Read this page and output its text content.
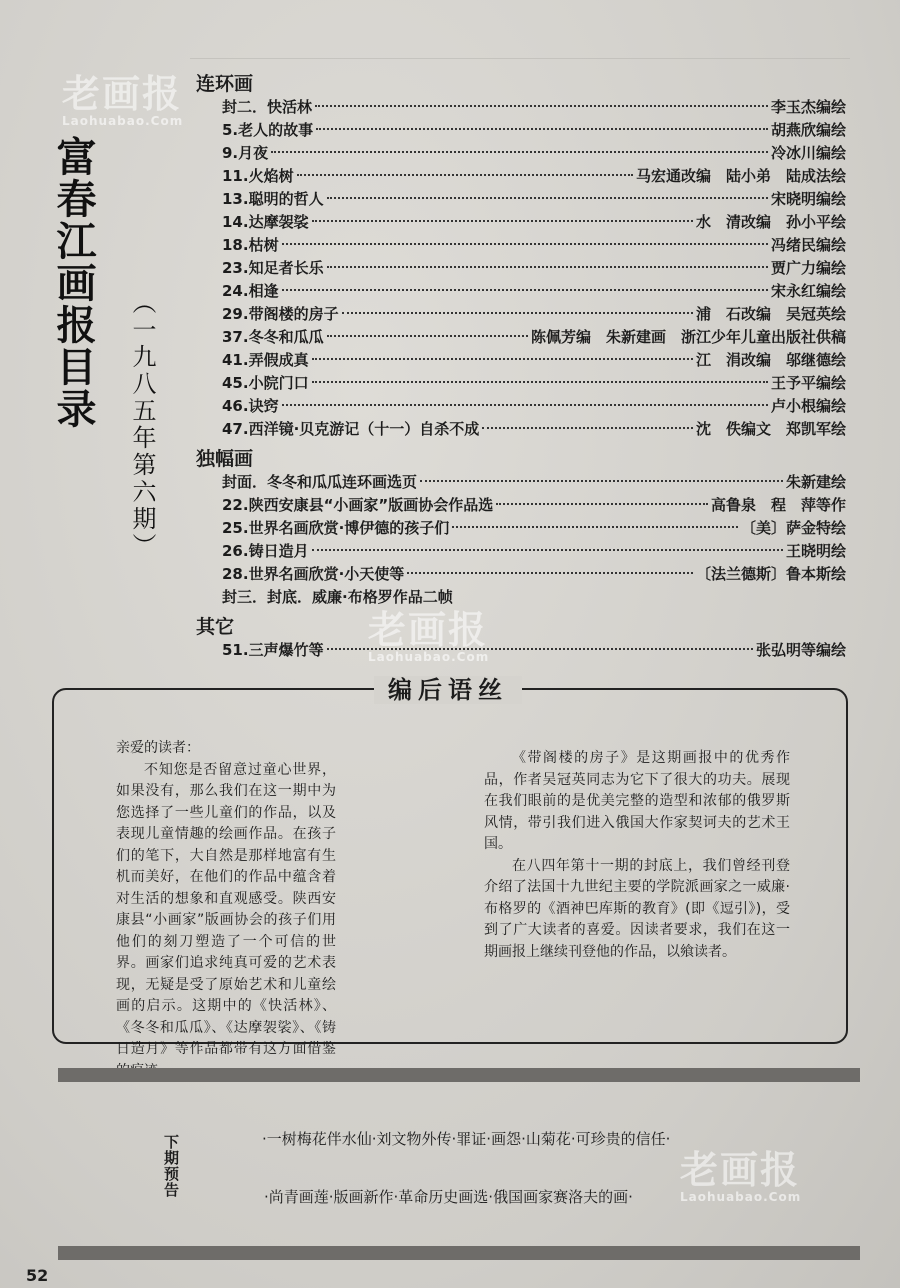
老画报
Laohuabao.Com
老画报
Laohuabao.Com
老画报
Laohuabao.Com
富春江画报目录 （一九八五年第六期）
连环画
封二． 快活林	李玉杰编绘
5. 老人的故事	胡燕欣编绘
9. 月夜	冷冰川编绘
11. 火焰树	马宏通改编　陆小弟　陆成法绘
13. 聪明的哲人	宋晓明编绘
14. 达摩袈裟	水　清改编　孙小平绘
18. 枯树	冯绪民编绘
23. 知足者长乐	贾广力编绘
24. 相逢	宋永红编绘
29. 带阁楼的房子	浦　石改编　吴冠英绘
37. 冬冬和瓜瓜	陈佩芳编　朱新建画　浙江少年儿童出版社供稿
41. 弄假成真	江　涓改编　邬继德绘
45. 小院门口	王予平编绘
46. 诀窍	卢小根编绘
47. 西洋镜·贝克游记（十一）自杀不成	沈　佚编文　郑凯军绘
独幅画
封面． 冬冬和瓜瓜连环画选页	朱新建绘
22. 陕西安康县“小画家”版画协会作品选	高鲁泉　程　萍等作
25. 世界名画欣赏·博伊德的孩子们	〔美〕萨金特绘
26. 铸日造月	王晓明绘
28. 世界名画欣赏·小天使等	〔法兰德斯〕鲁本斯绘
封三． 封底．威廉·布格罗作品二帧
其它
51. 三声爆竹等	张弘明等编绘
编后语丝

亲爱的读者：

不知您是否留意过童心世界，如果没有，那么我们在这一期中为您选择了一些儿童们的作品，以及表现儿童情趣的绘画作品。在孩子们的笔下，大自然是那样地富有生机而美好，在他们的作品中蕴含着对生活的想象和直观感受。陕西安康县“小画家”版画协会的孩子们用他们的刻刀塑造了一个可信的世界。画家们追求纯真可爱的艺术表现，无疑是受了原始艺术和儿童绘画的启示。这期中的《快活林》、《冬冬和瓜瓜》、《达摩袈裟》、《铸日造月》等作品都带有这方面借鉴

《带阁楼的房子》是这期画报中的优秀作品，作者吴冠英同志为它下了很大的功夫。展现在我们眼前的是优美完整的造型和浓郁的俄罗斯风情，带引我们进入俄国大作家契诃夫的艺术王国。

在八四年第十一期的封底上，我们曾经刊登介绍了法国十九世纪主要的学院派画家之一威廉·布格罗的《酒神巴库斯的教育》(即《逗引》)，受到了广大读者的喜爱。因读者要求，我们在这一期画报上继续刊登他的作品，以飨读者。

下期预告	·一树梅花伴水仙·刘文物外传·罪证·画怨·山菊花·可珍贵的信任·
·尚青画莲·版画新作·革命历史画选·俄国画家赛洛夫的画·
52
